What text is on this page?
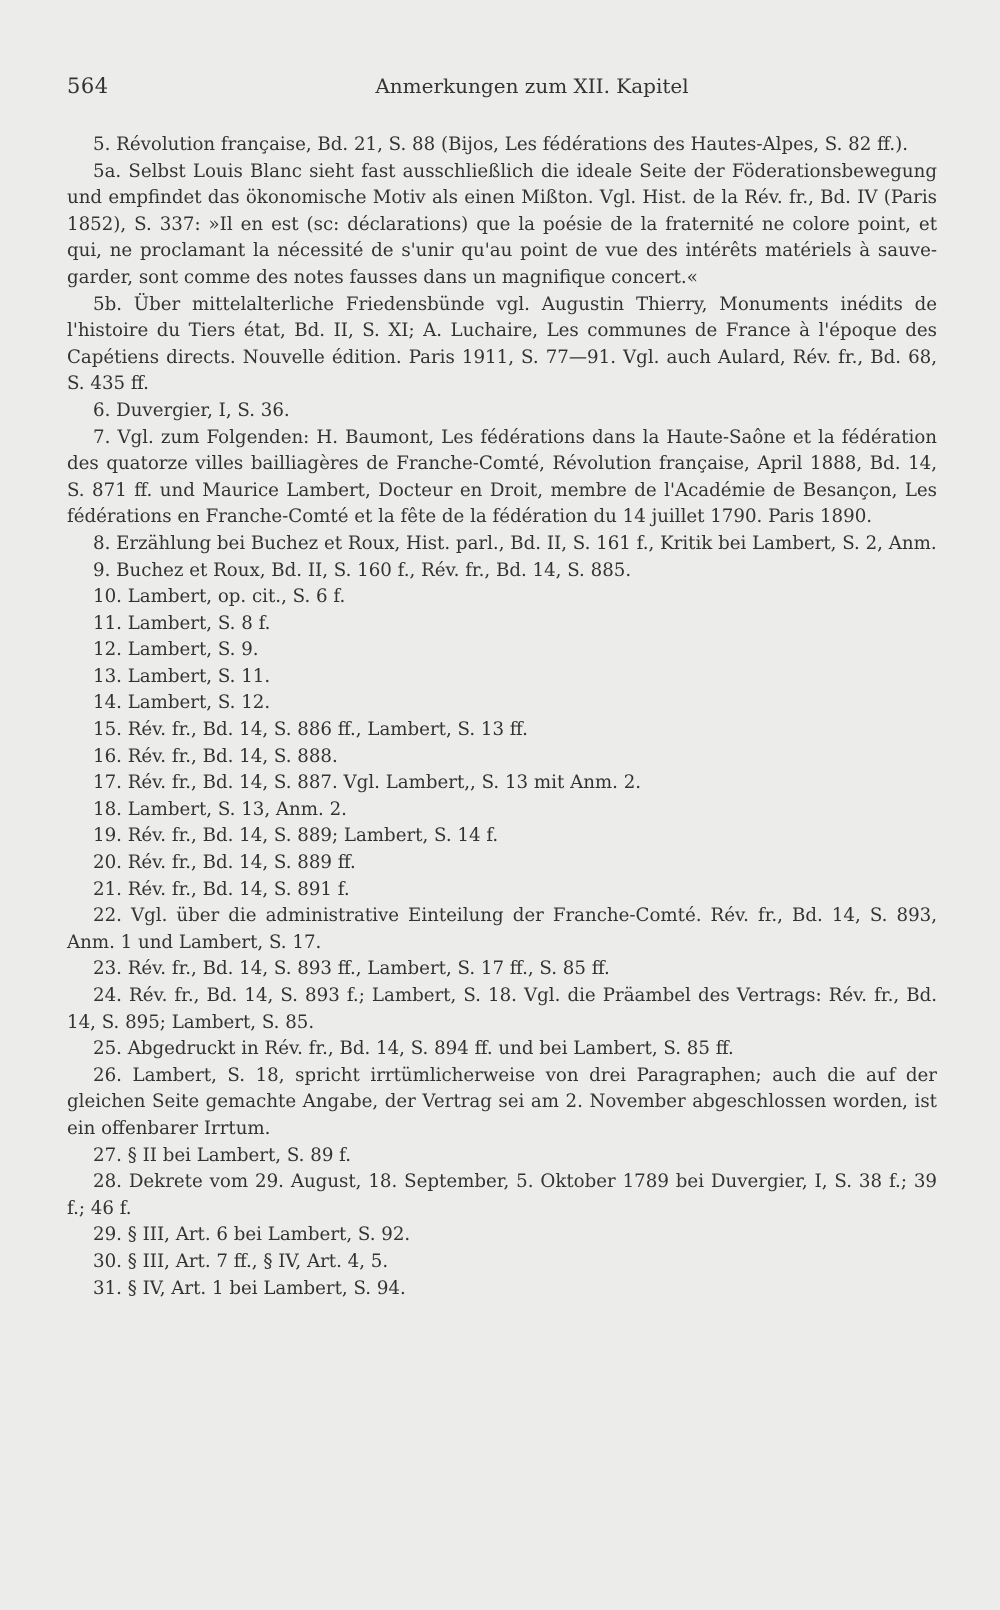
564	Anmerkungen zum XII. Kapitel

5. Révolution française, Bd. 21, S. 88 (Bijos, Les fédérations des Hautes-Alpes, S. 82 ff.).

5a. Selbst Louis Blanc sieht fast ausschließlich die ideale Seite der Föderationsbewegung und empfindet das ökonomische Motiv als einen Mißton. Vgl. Hist. de la Rév. fr., Bd. IV (Paris 1852), S. 337: »Il en est (sc: déclarations) que la poésie de la fraternité ne colore point, et qui, ne proclamant la nécessité de s'unir qu'au point de vue des intérêts matériels à sauve-garder, sont comme des notes fausses dans un magnifique concert.«

5b. Über mittelalterliche Friedensbünde vgl. Augustin Thierry, Monuments inédits de l'histoire du Tiers état, Bd. II, S. XI; A. Luchaire, Les communes de France à l'époque des Capétiens directs. Nouvelle édition. Paris 1911, S. 77—91. Vgl. auch Aulard, Rév. fr., Bd. 68, S. 435 ff.

6. Duvergier, I, S. 36.

7. Vgl. zum Folgenden: H. Baumont, Les fédérations dans la Haute-Saône et la fédération des quatorze villes bailliagères de Franche-Comté, Révolution française, April 1888, Bd. 14, S. 871 ff. und Maurice Lambert, Docteur en Droit, membre de l'Académie de Besançon, Les fédérations en Franche-Comté et la fête de la fédération du 14 juillet 1790. Paris 1890.

8. Erzählung bei Buchez et Roux, Hist. parl., Bd. II, S. 161 f., Kritik bei Lambert, S. 2, Anm.

9. Buchez et Roux, Bd. II, S. 160 f., Rév. fr., Bd. 14, S. 885.

10. Lambert, op. cit., S. 6 f.

11. Lambert, S. 8 f.

12. Lambert, S. 9.

13. Lambert, S. 11.

14. Lambert, S. 12.

15. Rév. fr., Bd. 14, S. 886 ff., Lambert, S. 13 ff.

16. Rév. fr., Bd. 14, S. 888.

17. Rév. fr., Bd. 14, S. 887. Vgl. Lambert,, S. 13 mit Anm. 2.

18. Lambert, S. 13, Anm. 2.

19. Rév. fr., Bd. 14, S. 889; Lambert, S. 14 f.

20. Rév. fr., Bd. 14, S. 889 ff.

21. Rév. fr., Bd. 14, S. 891 f.

22. Vgl. über die administrative Einteilung der Franche-Comté. Rév. fr., Bd. 14, S. 893, Anm. 1 und Lambert, S. 17.

23. Rév. fr., Bd. 14, S. 893 ff., Lambert, S. 17 ff., S. 85 ff.

24. Rév. fr., Bd. 14, S. 893 f.; Lambert, S. 18. Vgl. die Präambel des Vertrags: Rév. fr., Bd. 14, S. 895; Lambert, S. 85.

25. Abgedruckt in Rév. fr., Bd. 14, S. 894 ff. und bei Lambert, S. 85 ff.

26. Lambert, S. 18, spricht irrtümlicherweise von drei Paragraphen; auch die auf der gleichen Seite gemachte Angabe, der Vertrag sei am 2. November abgeschlossen worden, ist ein offenbarer Irrtum.

27. § II bei Lambert, S. 89 f.

28. Dekrete vom 29. August, 18. September, 5. Oktober 1789 bei Duvergier, I, S. 38 f.; 39 f.; 46 f.

29. § III, Art. 6 bei Lambert, S. 92.

30. § III, Art. 7 ff., § IV, Art. 4, 5.

31. § IV, Art. 1 bei Lambert, S. 94.
